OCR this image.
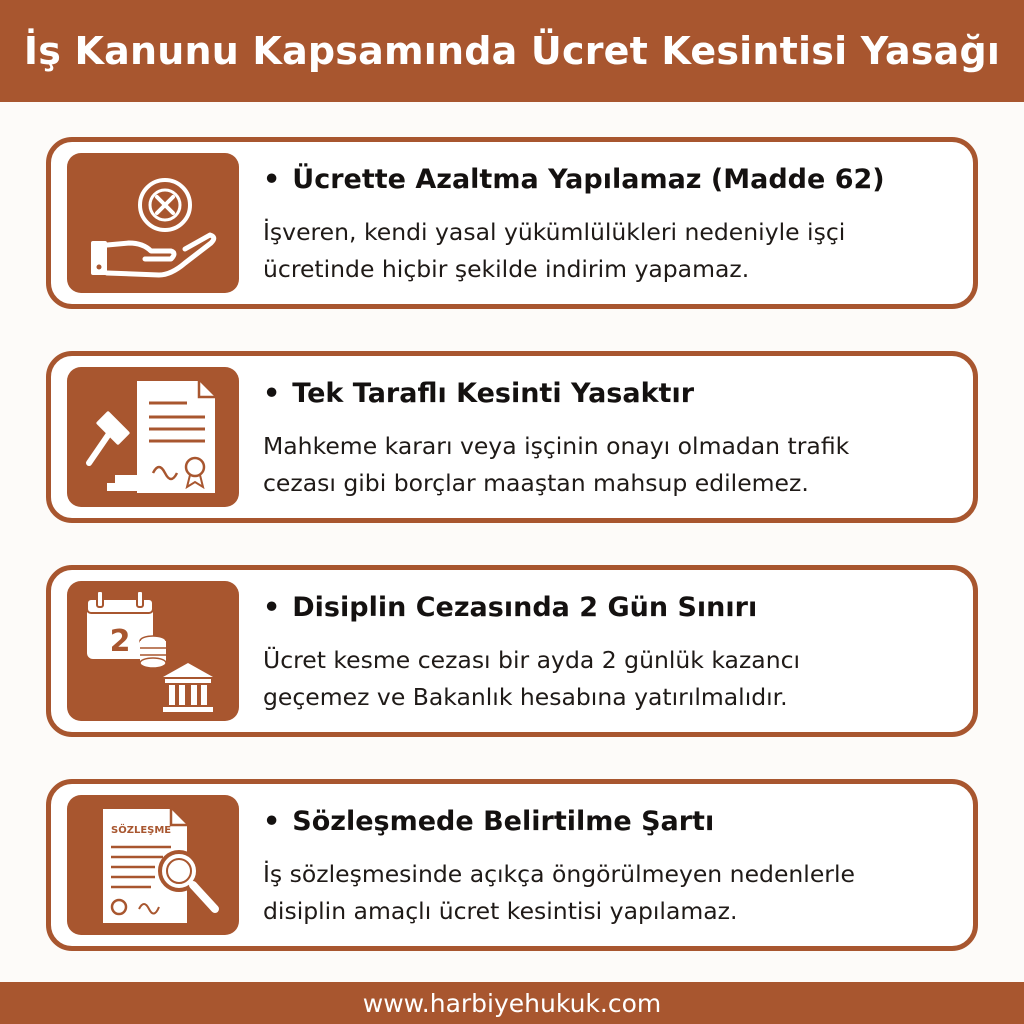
İş Kanunu Kapsamında Ücret Kesintisi Yasağı
• Ücrette Azaltma Yapılamaz (Madde 62)
İşveren, kendi yasal yükümlülükleri nedeniyle işçi
ücretinde hiçbir şekilde indirim yapamaz.
• Tek Taraflı Kesinti Yasaktır
Mahkeme kararı veya işçinin onayı olmadan trafik
cezası gibi borçlar maaştan mahsup edilemez.
2
• Disiplin Cezasında 2 Gün Sınırı
Ücret kesme cezası bir ayda 2 günlük kazancı
geçemez ve Bakanlık hesabına yatırılmalıdır.
SÖZLEŞME	• Sözleşmede Belirtilme Şartı
İş sözleşmesinde açıkça öngörülmeyen nedenlerle
disiplin amaçlı ücret kesintisi yapılamaz.
www.harbiyehukuk.com
